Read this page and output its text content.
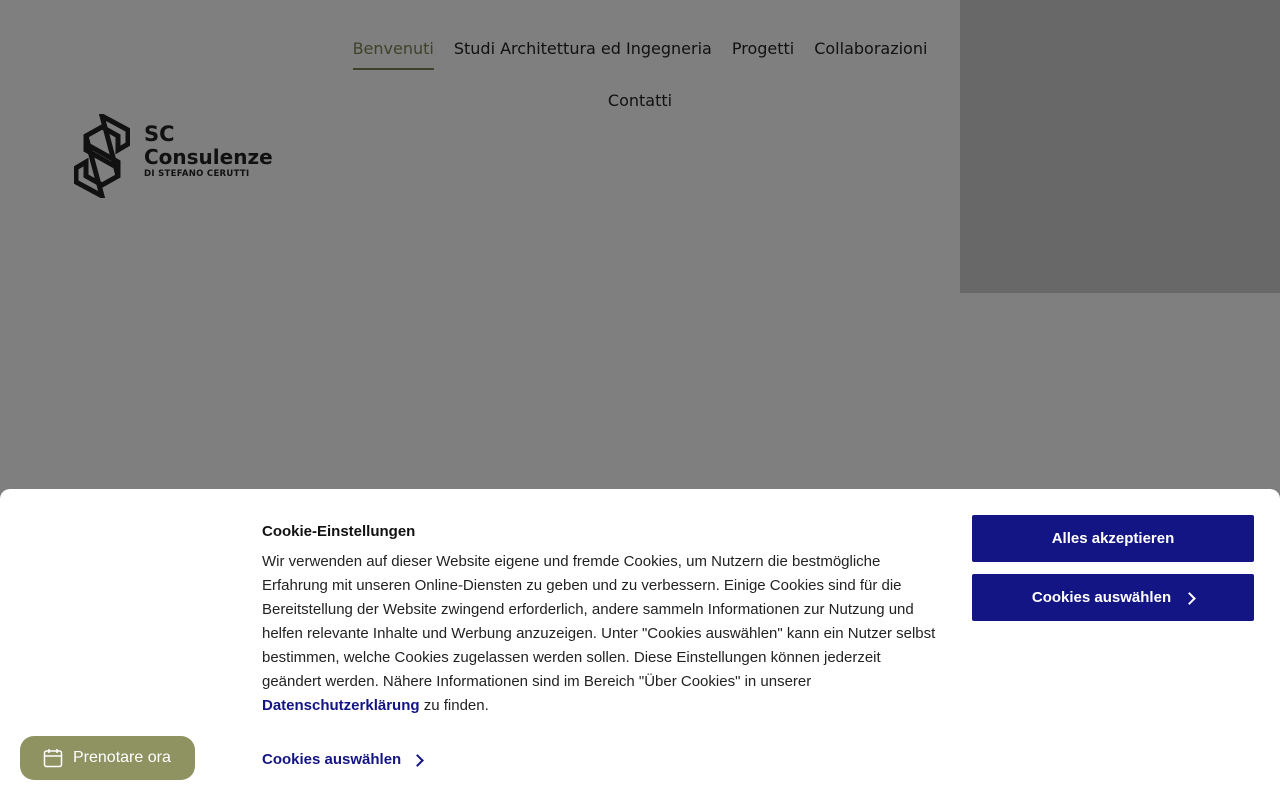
Cookie-Einstellungen
Wir verwenden auf dieser Website eigene und fremde Cookies, um Nutzern die bestmögliche Erfahrung mit unseren Online-Diensten zu geben und zu verbessern. Einige Cookies sind für die Bereitstellung der Website zwingend erforderlich, andere sammeln Informationen zur Nutzung und helfen relevante Inhalte und Werbung anzuzeigen. Unter "Cookies auswählen" kann ein Nutzer selbst bestimmen, welche Cookies zugelassen werden sollen. Diese Einstellungen können jederzeit geändert werden. Nähere Informationen sind im Bereich "Über Cookies" in unserer Datenschutzerklärung zu finden.
Cookies auswählen
Alles akzeptieren
Cookies auswählen
Prenotare ora
